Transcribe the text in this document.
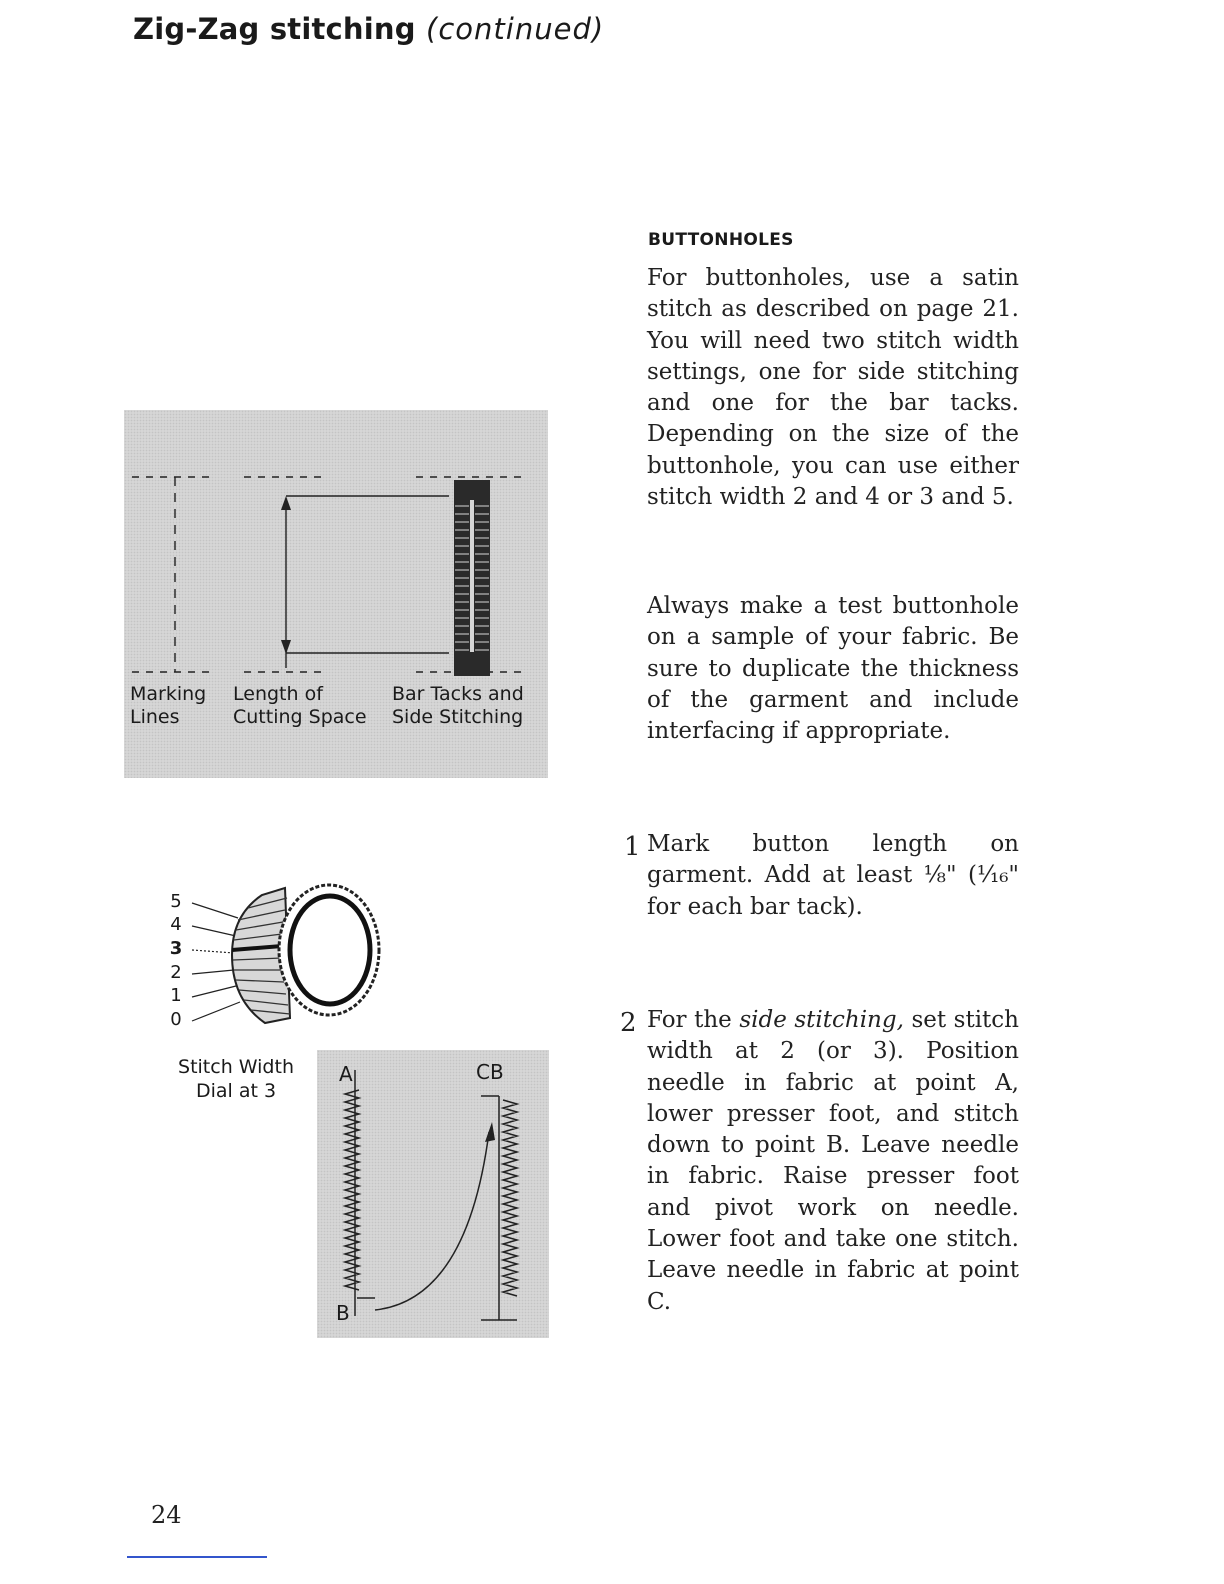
Zig-Zag stitching (continued)
BUTTONHOLES

For buttonholes, use a satin stitch as described on page 21. You will need two stitch width settings, one for side stitching and one for the bar tacks. Depending on the size of the buttonhole, you can use either stitch width 2 and 4 or 3 and 5.

Always make a test buttonhole on a sample of your fabric. Be sure to duplicate the thickness of the garment and include interfacing if appropriate.

1 Mark button length on garment. Add at least ⅛" (¹⁄₁₆" for each bar tack).

2 For the side stitching, set stitch width at 2 (or 3). Position needle in fabric at point A, lower presser foot, and stitch down to point B. Leave needle in fabric. Raise presser foot and pivot work on needle. Lower foot and take one stitch. Leave needle in fabric at point C.

Marking
Lines

Length of
Cutting Space

Bar Tacks and
Side Stitching

5
4
3
2
1
0

Stitch Width
Dial at 3

A	CB
B
24
